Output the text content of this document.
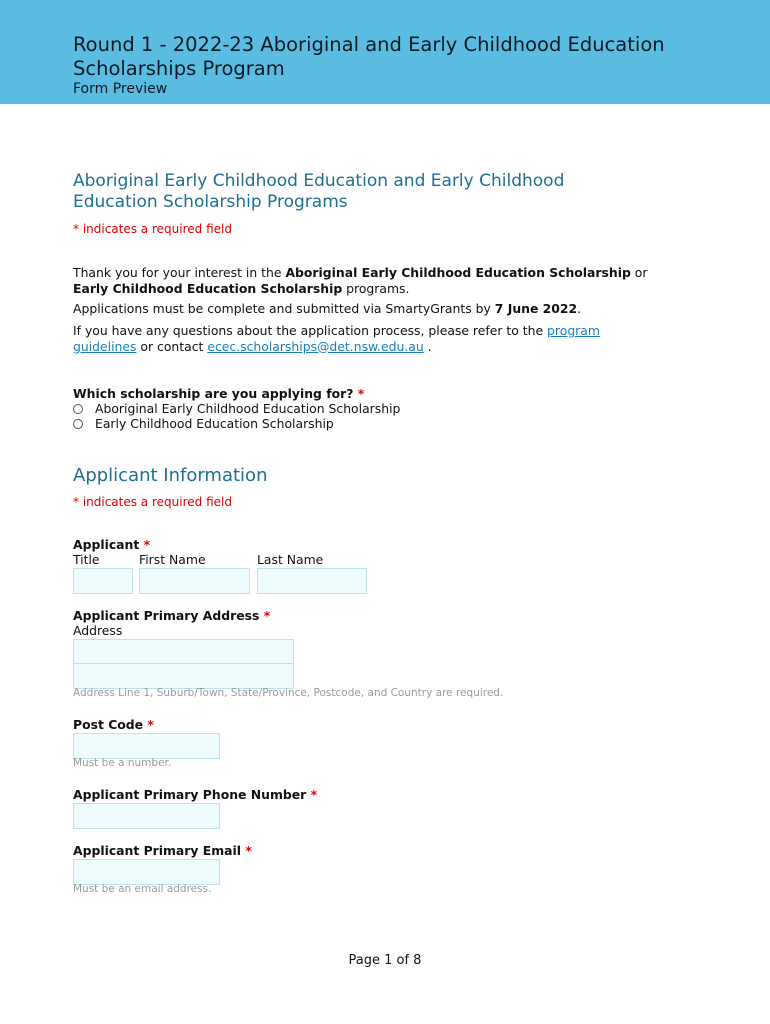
Round 1 - 2022-23 Aboriginal and Early Childhood Education Scholarships Program
Form Preview
Aboriginal Early Childhood Education and Early Childhood Education Scholarship Programs
* indicates a required field
Thank you for your interest in the Aboriginal Early Childhood Education Scholarship or Early Childhood Education Scholarship programs.
Applications must be complete and submitted via SmartyGrants by 7 June 2022.
If you have any questions about the application process, please refer to the program guidelines or contact ecec.scholarships@det.nsw.edu.au .
Which scholarship are you applying for? *
Aboriginal Early Childhood Education Scholarship
Early Childhood Education Scholarship
Applicant Information
* indicates a required field
Applicant *
Title	First Name	Last Name
Applicant Primary Address *
Address
Address Line 1, Suburb/Town, State/Province, Postcode, and Country are required.
Post Code *
Must be a number.
Applicant Primary Phone Number *
Applicant Primary Email *
Must be an email address.
Page 1 of 8
